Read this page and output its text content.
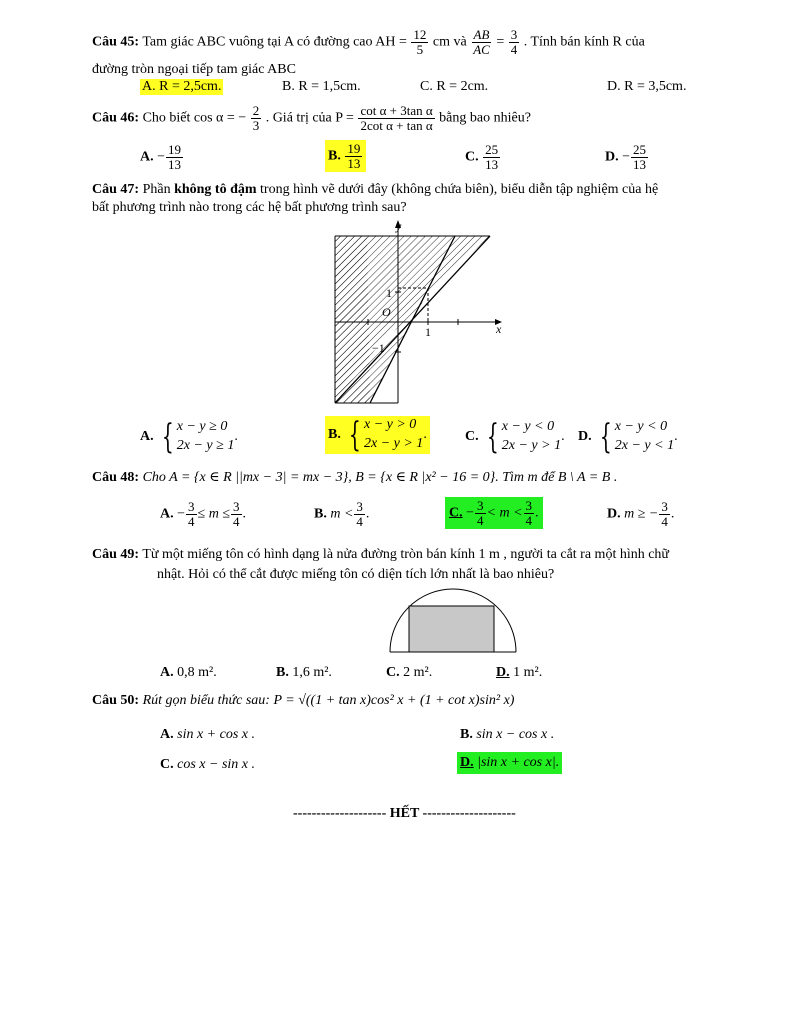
Câu 45: Tam giác ABC vuông tại A có đường cao AH = $\frac{12}{5}$ cm và $\frac{AB}{AC} = \frac{3}{4}$ . Tính bán kính R của
đường tròn ngoại tiếp tam giác ABC
A. R = 2,5cm.	B. R = 1,5cm.	C. R = 2cm.	D. R = 3,5cm.
Câu 46: Cho biết cos α = − $\frac{2}{3}$ . Giá trị của $P = \frac{\text{cot α + 3tan α}}{\text{2cot α + tan α}}$ bằng bao nhiêu?
A. − $\frac{19}{13}$	B. $\frac{19}{13}$	C. $\frac{25}{13}$	D. − $\frac{25}{13}$
Câu 47: Phần không tô đậm trong hình vẽ dưới đây (không chứa biên), biểu diễn tập nghiệm của hệ
bất phương trình nào trong các hệ bất phương trình sau?
y
x
O
1
1
−1
A. { x − y ≥ 0
2x − y ≥ 1
.	B. { x − y > 0
2x − y > 1
.	C. { x − y < 0
2x − y > 1
. D. { x − y < 0
2x − y < 1
.
Câu 48: Cho A = {x ∈ R ||mx − 3| = mx − 3}, B = {x ∈ R |x² − 16 = 0}. Tìm m để B \ A = B .
A. − $\frac{3}{4} \le m \le \frac{3}{4}$ .	B. $m < \frac{3}{4}$ .	C. − $\frac{3}{4} < m < \frac{3}{4}$ .	D. m ≥ − $\frac{3}{4}$ .
Câu 49: Từ một miếng tôn có hình dạng là nửa đường tròn bán kính 1 m , người ta cắt ra một hình chữ
nhật. Hỏi có thể cắt được miếng tôn có diện tích lớn nhất là bao nhiêu?
A. 0,8 m².	B. 1,6 m².	C. 2 m².	D. 1 m².
Câu 50: Rút gọn biểu thức sau: P = √((1 + tan x)cos² x + (1 + cot x)sin² x)
A. sin x + cos x .	B. sin x − cos x .
C. cos x − sin x .	D. |sin x + cos x|.
-------------------- HẾT --------------------
